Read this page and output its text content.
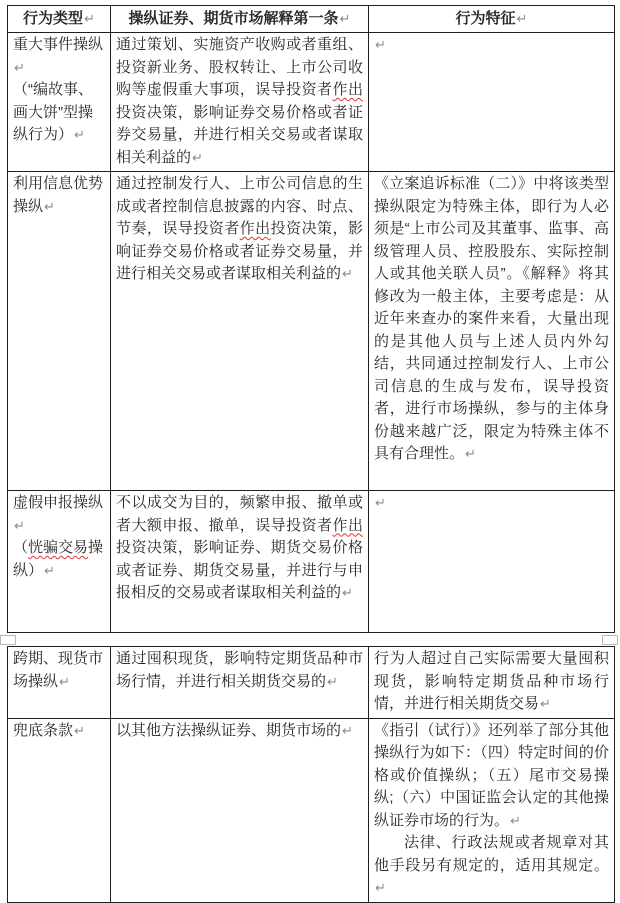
行为类型↵	操纵证券、期货市场解释第一条↵	行为特征↵

重大事件操纵↵
（“编故事、画大饼”型操纵行为）↵	通过策划、实施资产收购或者重组、投资新业务、股权转让、上市公司收购等虚假重大事项，误导投资者作出投资决策，影响证券交易价格或者证券交易量，并进行相关交易或者谋取相关利益的↵	↵

利用信息优势操纵↵	通过控制发行人、上市公司信息的生成或者控制信息披露的内容、时点、节奏，误导投资者作出投资决策，影响证券交易价格或者证券交易量，并进行相关交易或者谋取相关利益的↵	《立案追诉标准（二）》中将该类型操纵限定为特殊主体，即行为人必须是“上市公司及其董事、监事、高级管理人员、控股股东、实际控制人或其他关联人员”。《解释》将其修改为一般主体，主要考虑是：从近年来查办的案件来看，大量出现的是其他人员与上述人员内外勾结，共同通过控制发行人、上市公司信息的生成与发布，误导投资者，进行市场操纵，参与的主体身份越来越广泛，限定为特殊主体不具有合理性。↵

虚假申报操纵↵
（恍骗交易操纵）↵	不以成交为目的，频繁申报、撤单或者大额申报、撤单，误导投资者作出投资决策，影响证券、期货交易价格或者证券、期货交易量，并进行与申报相反的交易或者谋取相关利益的↵	↵
跨期、现货市场操纵↵	通过囤积现货，影响特定期货品种市场行情，并进行相关期货交易的↵	行为人超过自己实际需要大量囤积现货，影响特定期货品种市场行情，并进行相关期货交易↵

兜底条款↵	以其他方法操纵证券、期货市场的↵	《指引（试行）》还列举了部分其他操纵行为如下：（四）特定时间的价格或价值操纵；（五）尾市交易操纵;（六）中国证监会认定的其他操纵证券市场的行为。↵
法律、行政法规或者规章对其他手段另有规定的，适用其规定。↵
